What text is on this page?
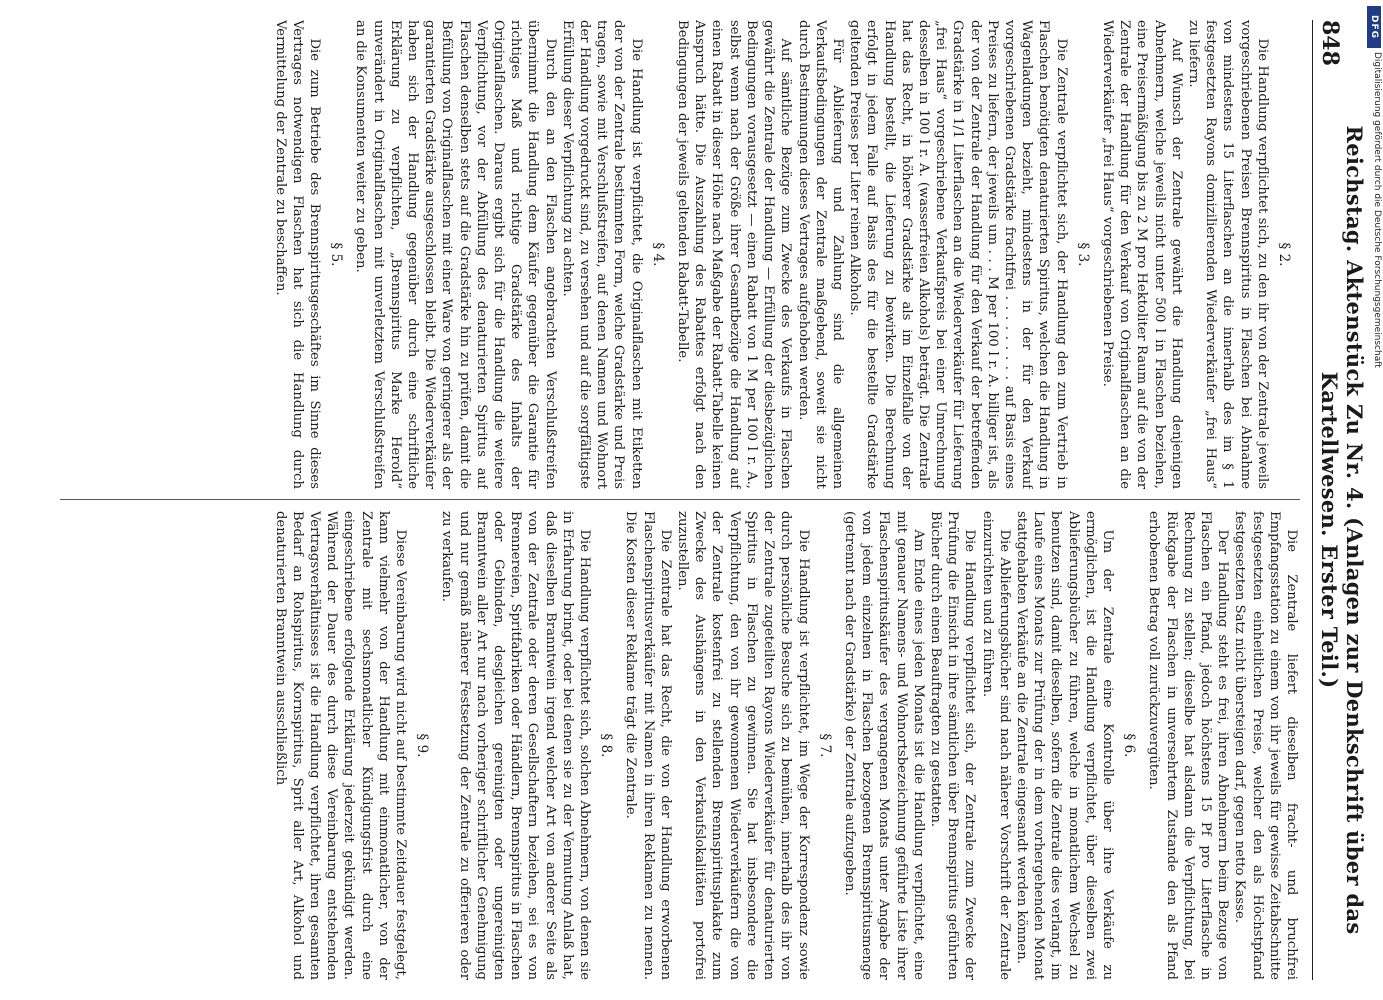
848
Reichstag. Aktenstück Zu Nr. 4. (Anlagen zur Denkschrift über das Kartellwesen. Erster Teil.)
§ 2.

Die Handlung verpflichtet sich, zu den ihr von der Zentrale jeweils vorgeschriebenen Preisen Brennspiritus in Flaschen bei Abnahme von mindestens 15 Literflaschen an die innerhalb des im § 1 festgesetzten Rayons domizilierenden Wiederverkäufer „frei Haus“ zu liefern.

Auf Wunsch der Zentrale gewährt die Handlung denjenigen Abnehmern, welche jeweils nicht unter 500 l in Flaschen beziehen, eine Preisermäßigung bis zu 2 M pro Hektoliter Raum auf die von der Zentrale der Handlung für den Verkauf von Originalflaschen an die Wiederverkäufer „frei Haus“ vorgeschriebenen Preise.

§ 3.

Die Zentrale verpflichtet sich, der Handlung den zum Vertrieb in Flaschen benötigten denaturierten Spiritus, welchen die Handlung in Wagenladungen bezieht, mindestens in der für den Verkauf vorgeschriebenen Gradstärke frachtfrei . . . . . . . . . auf Basis eines Preises zu liefern, der jeweils um . . . M per 100 l r. A. billiger ist, als der von der Zentrale der Handlung für den Verkauf der betreffenden Gradstärke in 1/1 Literflaschen an die Wiederverkäufer für Lieferung „frei Haus“ vorgeschriebene Verkaufspreis bei einer Umrechnung desselben in 100 l r. A. (wasserfreien Alkohols) beträgt. Die Zentrale hat das Recht, in höherer Gradstärke als im Einzelfalle von der Handlung bestellt, die Lieferung zu bewirken. Die Berechnung erfolgt in jedem Falle auf Basis des für die bestellte Gradstärke geltenden Preises per Liter reinen Alkohols.

Für Ablieferung und Zahlung sind die allgemeinen Verkaufsbedingungen der Zentrale maßgebend, soweit sie nicht durch Bestimmungen dieses Vertrages aufgehoben werden.

Auf sämtliche Bezüge zum Zwecke des Verkaufs in Flaschen gewährt die Zentrale der Handlung — Erfüllung der diesbezüglichen Bedingungen vorausgesetzt — einen Rabatt von 1 M per 100 l r. A., selbst wenn nach der Größe ihrer Gesamtbezüge die Handlung auf einen Rabatt in dieser Höhe nach Maßgabe der Rabatt-Tabelle keinen Anspruch hätte. Die Auszahlung des Rabattes erfolgt nach den Bedingungen der jeweils geltenden Rabatt-Tabelle.

§ 4.

Die Handlung ist verpflichtet, die Originalflaschen mit Etiketten der von der Zentrale bestimmten Form, welche Gradstärke und Preis tragen, sowie mit Verschlußstreifen, auf denen Namen und Wohnort der Handlung vorgedruckt sind, zu versehen und auf die sorgfältigste Erfüllung dieser Verpflichtung zu achten.

Durch den an den Flaschen angebrachten Verschlußstreifen übernimmt die Handlung dem Käufer gegenüber die Garantie für richtiges Maß und richtige Gradstärke des Inhalts der Originalflaschen. Daraus ergibt sich für die Handlung die weitere Verpflichtung, vor der Abfüllung des denaturierten Spiritus auf Flaschen denselben stets auf die Gradstärke hin zu prüfen, damit die Befüllung von Originalflaschen mit einer Ware von geringerer als der garantierten Gradstärke ausgeschlossen bleibt. Die Wiederverkäufer haben sich der Handlung gegenüber durch eine schriftliche Erklärung zu verpflichten, „Brennspiritus Marke Herold“ unverändert in Originalflaschen mit unverletztem Verschlußstreifen an die Konsumenten weiter zu geben.

§ 5.

Die zum Betriebe des Brennspiritusgeschäftes im Sinne dieses Vertrages notwendigen Flaschen hat sich die Handlung durch Vermittelung der Zentrale zu beschaffen.

Die Zentrale liefert dieselben fracht- und bruchfrei Empfangsstation zu einem von ihr jeweils für gewisse Zeitabschnitte festgesetzten einheitlichen Preise, welcher den als Höchstpfand festgesetzten Satz nicht übersteigen darf, gegen netto Kasse.

Der Handlung steht es frei, ihren Abnehmern beim Bezuge von Flaschen ein Pfand, jedoch höchstens 15 Pf pro Literflasche in Rechnung zu stellen; dieselbe hat alsdann die Verpflichtung, bei Rückgabe der Flaschen in unversehrtem Zustande den als Pfand erhobenen Betrag voll zurückzuvergüten.

§ 6.

Um der Zentrale eine Kontrolle über ihre Verkäufe zu ermöglichen, ist die Handlung verpflichtet, über dieselben zwei Ablieferungsbücher zu führen, welche in monatlichem Wechsel zu benutzen sind, damit dieselben, sofern die Zentrale dies verlangt, im Laufe eines Monats zur Prüfung der in dem vorhergehenden Monat stattgehabten Verkäufe an die Zentrale eingesandt werden können.

Die Ablieferungsbücher sind nach näherer Vorschrift der Zentrale einzurichten und zu führen.

Die Handlung verpflichtet sich, der Zentrale zum Zwecke der Prüfung die Einsicht in ihre sämtlichen über Brennspiritus geführten Bücher durch einen Beauftragten zu gestatten.

Am Ende eines jeden Monats ist die Handlung verpflichtet, eine mit genauer Namens- und Wohnortsbezeichnung geführte Liste ihrer Flaschenspirituskäufer des vergangenen Monats unter Angabe der von jedem einzelnen in Flaschen bezogenen Brennspiritusmenge (getrennt nach der Gradstärke) der Zentrale aufzugeben.

§ 7.

Die Handlung ist verpflichtet, im Wege der Korrespondenz sowie durch persönliche Besuche sich zu bemühen, innerhalb des ihr von der Zentrale zugeteilten Rayons Wiederverkäufer für denaturierten Spiritus in Flaschen zu gewinnen. Sie hat insbesondere die Verpflichtung, den von ihr gewonnenen Wiederverkäufern die von der Zentrale kostenfrei zu stellenden Brennspiritusplakate zum Zwecke des Aushängens in den Verkaufslokalitäten portofrei zuzustellen.

Die Zentrale hat das Recht, die von der Handlung erworbenen Flaschenspiritusverkäufer mit Namen in ihren Reklamen zu nennen. Die Kosten dieser Reklame trägt die Zentrale.

§ 8.

Die Handlung verpflichtet sich, solchen Abnehmern, von denen sie in Erfahrung bringt, oder bei denen sie zu der Vermutung Anlaß hat, daß dieselben Branntwein irgend welcher Art von anderer Seite als von der Zentrale oder deren Gesellschaftern beziehen, sei es von Brennereien, Spritfabriken oder Händlern, Brennspiritus in Flaschen oder Gebinden, desgleichen gereinigten oder ungereinigten Branntwein aller Art nur nach vorheriger schriftlicher Genehmigung und nur gemäß näherer Festsetzung der Zentrale zu offerieren oder zu verkaufen.

§ 9.

Diese Vereinbarung wird nicht auf bestimmte Zeitdauer festgelegt, kann vielmehr von der Handlung mit einmonatlicher, von der Zentrale mit sechsmonatlicher Kündigungsfrist durch eine eingeschriebene erfolgende Erklärung jederzeit gekündigt werden. Während der Dauer des durch diese Vereinbarung entstehenden Vertragsverhältnisses ist die Handlung verpflichtet, ihren gesamten Bedarf an Rohspiritus, Kornspiritus, Sprit aller Art, Alkohol und denaturierten Branntwein ausschließlich

DFG
Digitalisierung gefördert durch die Deutsche Forschungsgemeinschaft
